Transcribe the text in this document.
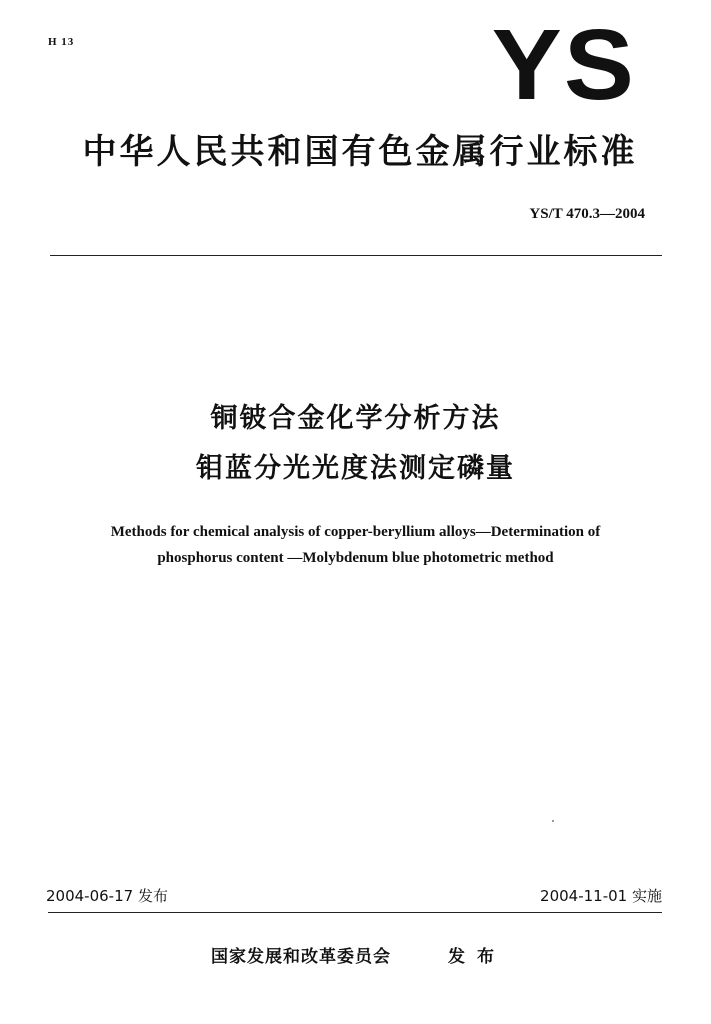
H 13	YS
中华人民共和国有色金属行业标准
YS/T 470.3—2004
铜铍合金化学分析方法
钼蓝分光光度法测定磷量
Methods for chemical analysis of copper-beryllium alloys—Determination of
phosphorus content —Molybdenum blue photometric method
2004-06-17 发布	2004-11-01 实施
国家发展和改革委员会	发布
